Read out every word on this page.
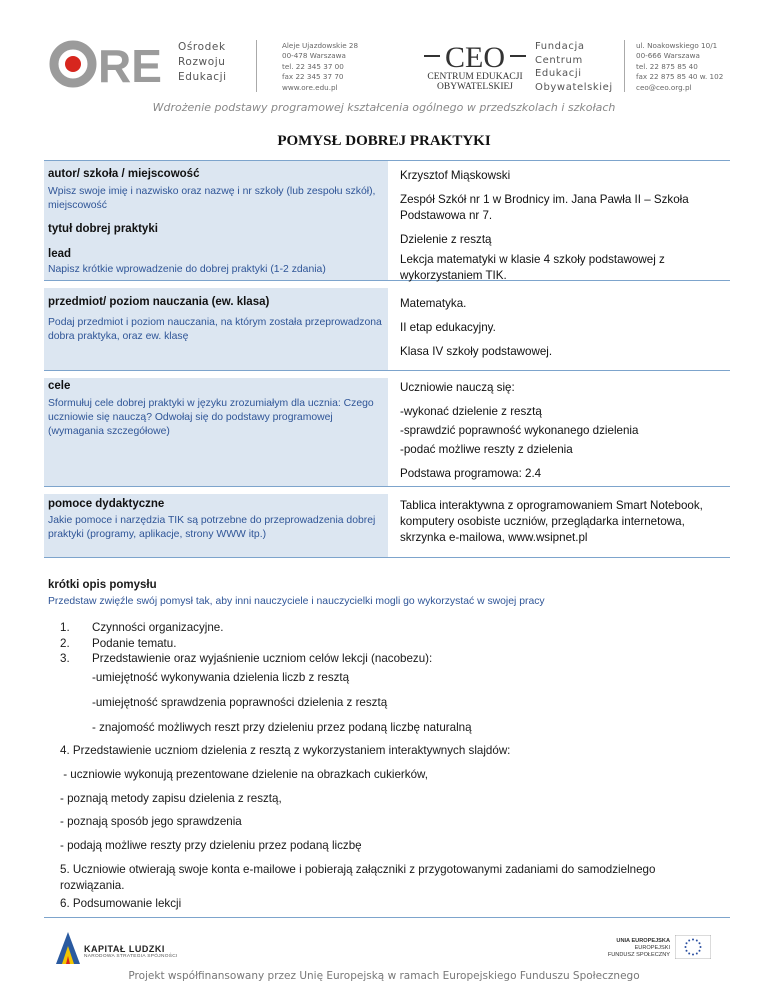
RE Ośrodek
Rozwoju
Edukacji
Aleje Ujazdowskie 28
00-478 Warszawa
tel. 22 345 37 00
fax 22 345 37 70
www.ore.edu.pl
CEO
CENTRUM EDUKACJI
OBYWATELSKIEJ
Fundacja
Centrum
Edukacji
Obywatelskiej
ul. Noakowskiego 10/1
00-666 Warszawa
tel. 22 875 85 40
fax 22 875 85 40 w. 102
ceo@ceo.org.pl
Wdrożenie podstawy programowej kształcenia ogólnego w przedszkolach i szkołach
POMYSŁ DOBREJ PRAKTYKI
autor/ szkoła / miejscowość
Wpisz swoje imię i nazwisko oraz nazwę i nr szkoły (lub zespołu szkół), miejscowość
tytuł dobrej praktyki
lead
Napisz krótkie wprowadzenie do dobrej praktyki (1-2 zdania)
Krzysztof Miąskowski
Zespół Szkół nr 1 w Brodnicy im. Jana Pawła II – Szkoła Podstawowa nr 7.
Dzielenie z resztą
Lekcja matematyki w klasie 4 szkoły podstawowej z wykorzystaniem TIK.
przedmiot/ poziom nauczania (ew. klasa)
Podaj przedmiot i poziom nauczania, na którym została przeprowadzona dobra praktyka, oraz ew. klasę
Matematyka.
II etap edukacyjny.
Klasa IV szkoły podstawowej.
cele
Sformułuj cele dobrej praktyki w języku zrozumiałym dla ucznia: Czego uczniowie się nauczą? Odwołaj się do podstawy programowej (wymagania szczegółowe)
Uczniowie nauczą się:
-wykonać dzielenie z resztą
-sprawdzić poprawność wykonanego dzielenia
-podać możliwe reszty z dzielenia
Podstawa programowa: 2.4
pomoce dydaktyczne
Jakie pomoce i narzędzia TIK są potrzebne do przeprowadzenia dobrej praktyki (programy, aplikacje, strony WWW itp.)
Tablica interaktywna z oprogramowaniem Smart Notebook, komputery osobiste uczniów, przeglądarka internetowa, skrzynka e-mailowa, www.wsipnet.pl
krótki opis pomysłu
Przedstaw zwięźle swój pomysł tak, aby inni nauczyciele i nauczycielki mogli go wykorzystać w swojej pracy
1. Czynności organizacyjne.
2. Podanie tematu.
3. Przedstawienie oraz wyjaśnienie uczniom celów lekcji (nacobezu):
-umiejętność wykonywania dzielenia liczb z resztą
-umiejętność sprawdzenia poprawności dzielenia z resztą
- znajomość możliwych reszt przy dzieleniu przez podaną liczbę naturalną
4. Przedstawienie uczniom dzielenia z resztą z wykorzystaniem interaktywnych slajdów:
- uczniowie wykonują prezentowane dzielenie na obrazkach cukierków,
- poznają metody zapisu dzielenia z resztą,
- poznają sposób jego sprawdzenia
- podają możliwe reszty przy dzieleniu przez podaną liczbę
5. Uczniowie otwierają swoje konta e-mailowe i pobierają załączniki z przygotowanymi zadaniami do samodzielnego rozwiązania.
6. Podsumowanie lekcji
KAPITAŁ LUDZKI
NARODOWA STRATEGIA SPÓJNOŚCI
UNIA EUROPEJSKA
EUROPEJSKI
FUNDUSZ SPOŁECZNY
Projekt współfinansowany przez Unię Europejską w ramach Europejskiego Funduszu Społecznego
